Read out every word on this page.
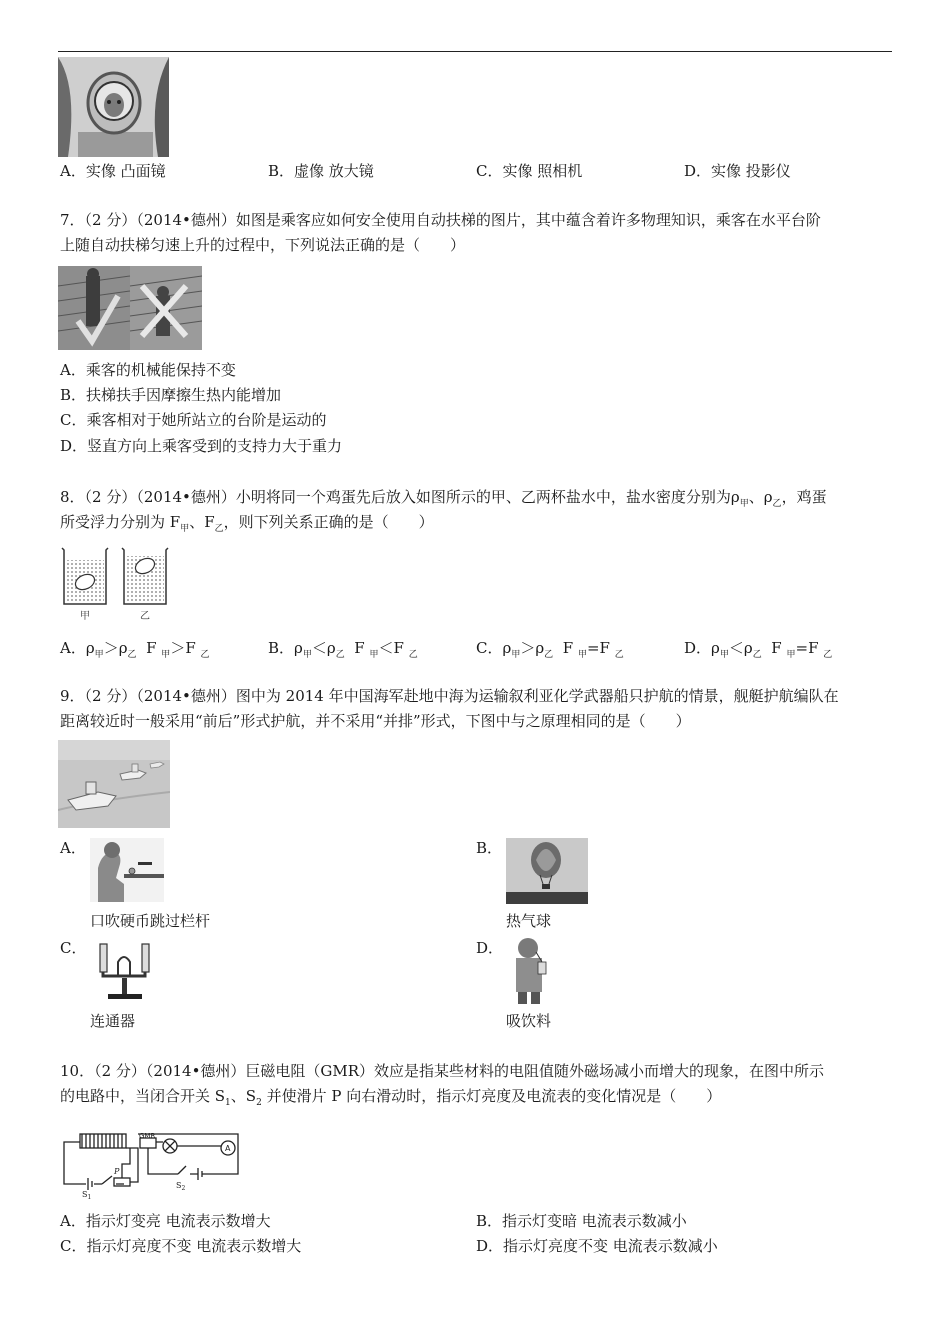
A．实像 凸面镜	B．虚像 放大镜	C．实像 照相机	D．实像 投影仪
7．（2 分）（2014•德州）如图是乘客应如何安全使用自动扶梯的图片，其中蕴含着许多物理知识，乘客在水平台阶
上随自动扶梯匀速上升的过程中，下列说法正确的是（　　）
A．乘客的机械能保持不变
B．扶梯扶手因摩擦生热内能增加
C．乘客相对于她所站立的台阶是运动的
D．竖直方向上乘客受到的支持力大于重力
8．（2 分）（2014•德州）小明将同一个鸡蛋先后放入如图所示的甲、乙两杯盐水中，盐水密度分别为$\rho_甲$、$\rho_乙$，鸡蛋
所受浮力分别为 $F_甲$、$F_乙$，则下列关系正确的是（　　）
甲	乙
A．$\rho_甲>\rho_乙$ F $_甲$＞F $_乙$	B．$\rho_甲<\rho_乙$ F $_甲$＜F $_乙$	C．$\rho_甲>\rho_乙$ F $_甲$=F $_乙$	D．$\rho_甲<\rho_乙$ F $_甲$=F $_乙$
9．（2 分）（2014•德州）图中为 2014 年中国海军赴地中海为运输叙利亚化学武器船只护航的情景，舰艇护航编队在
距离较近时一般采用“前后”形式护航，并不采用“并排”形式，下图中与之原理相同的是（　　）
A．
口吹硬币跳过栏杆
B．
热气球
C．
连通器
D．
吸饮料
10．（2 分）（2014•德州）巨磁电阻（GMR）效应是指某些材料的电阻值随外磁场减小而增大的现象，在图中所示
的电路中，当闭合开关 $S_1$、$S_2$ 并使滑片 P 向右滑动时，指示灯亮度及电流表的变化情况是（　　）
GMR
A
P
$S_1$
$S_2$
A．指示灯变亮 电流表示数增大	B．指示灯变暗 电流表示数减小
C．指示灯亮度不变 电流表示数增大	D．指示灯亮度不变 电流表示数减小
